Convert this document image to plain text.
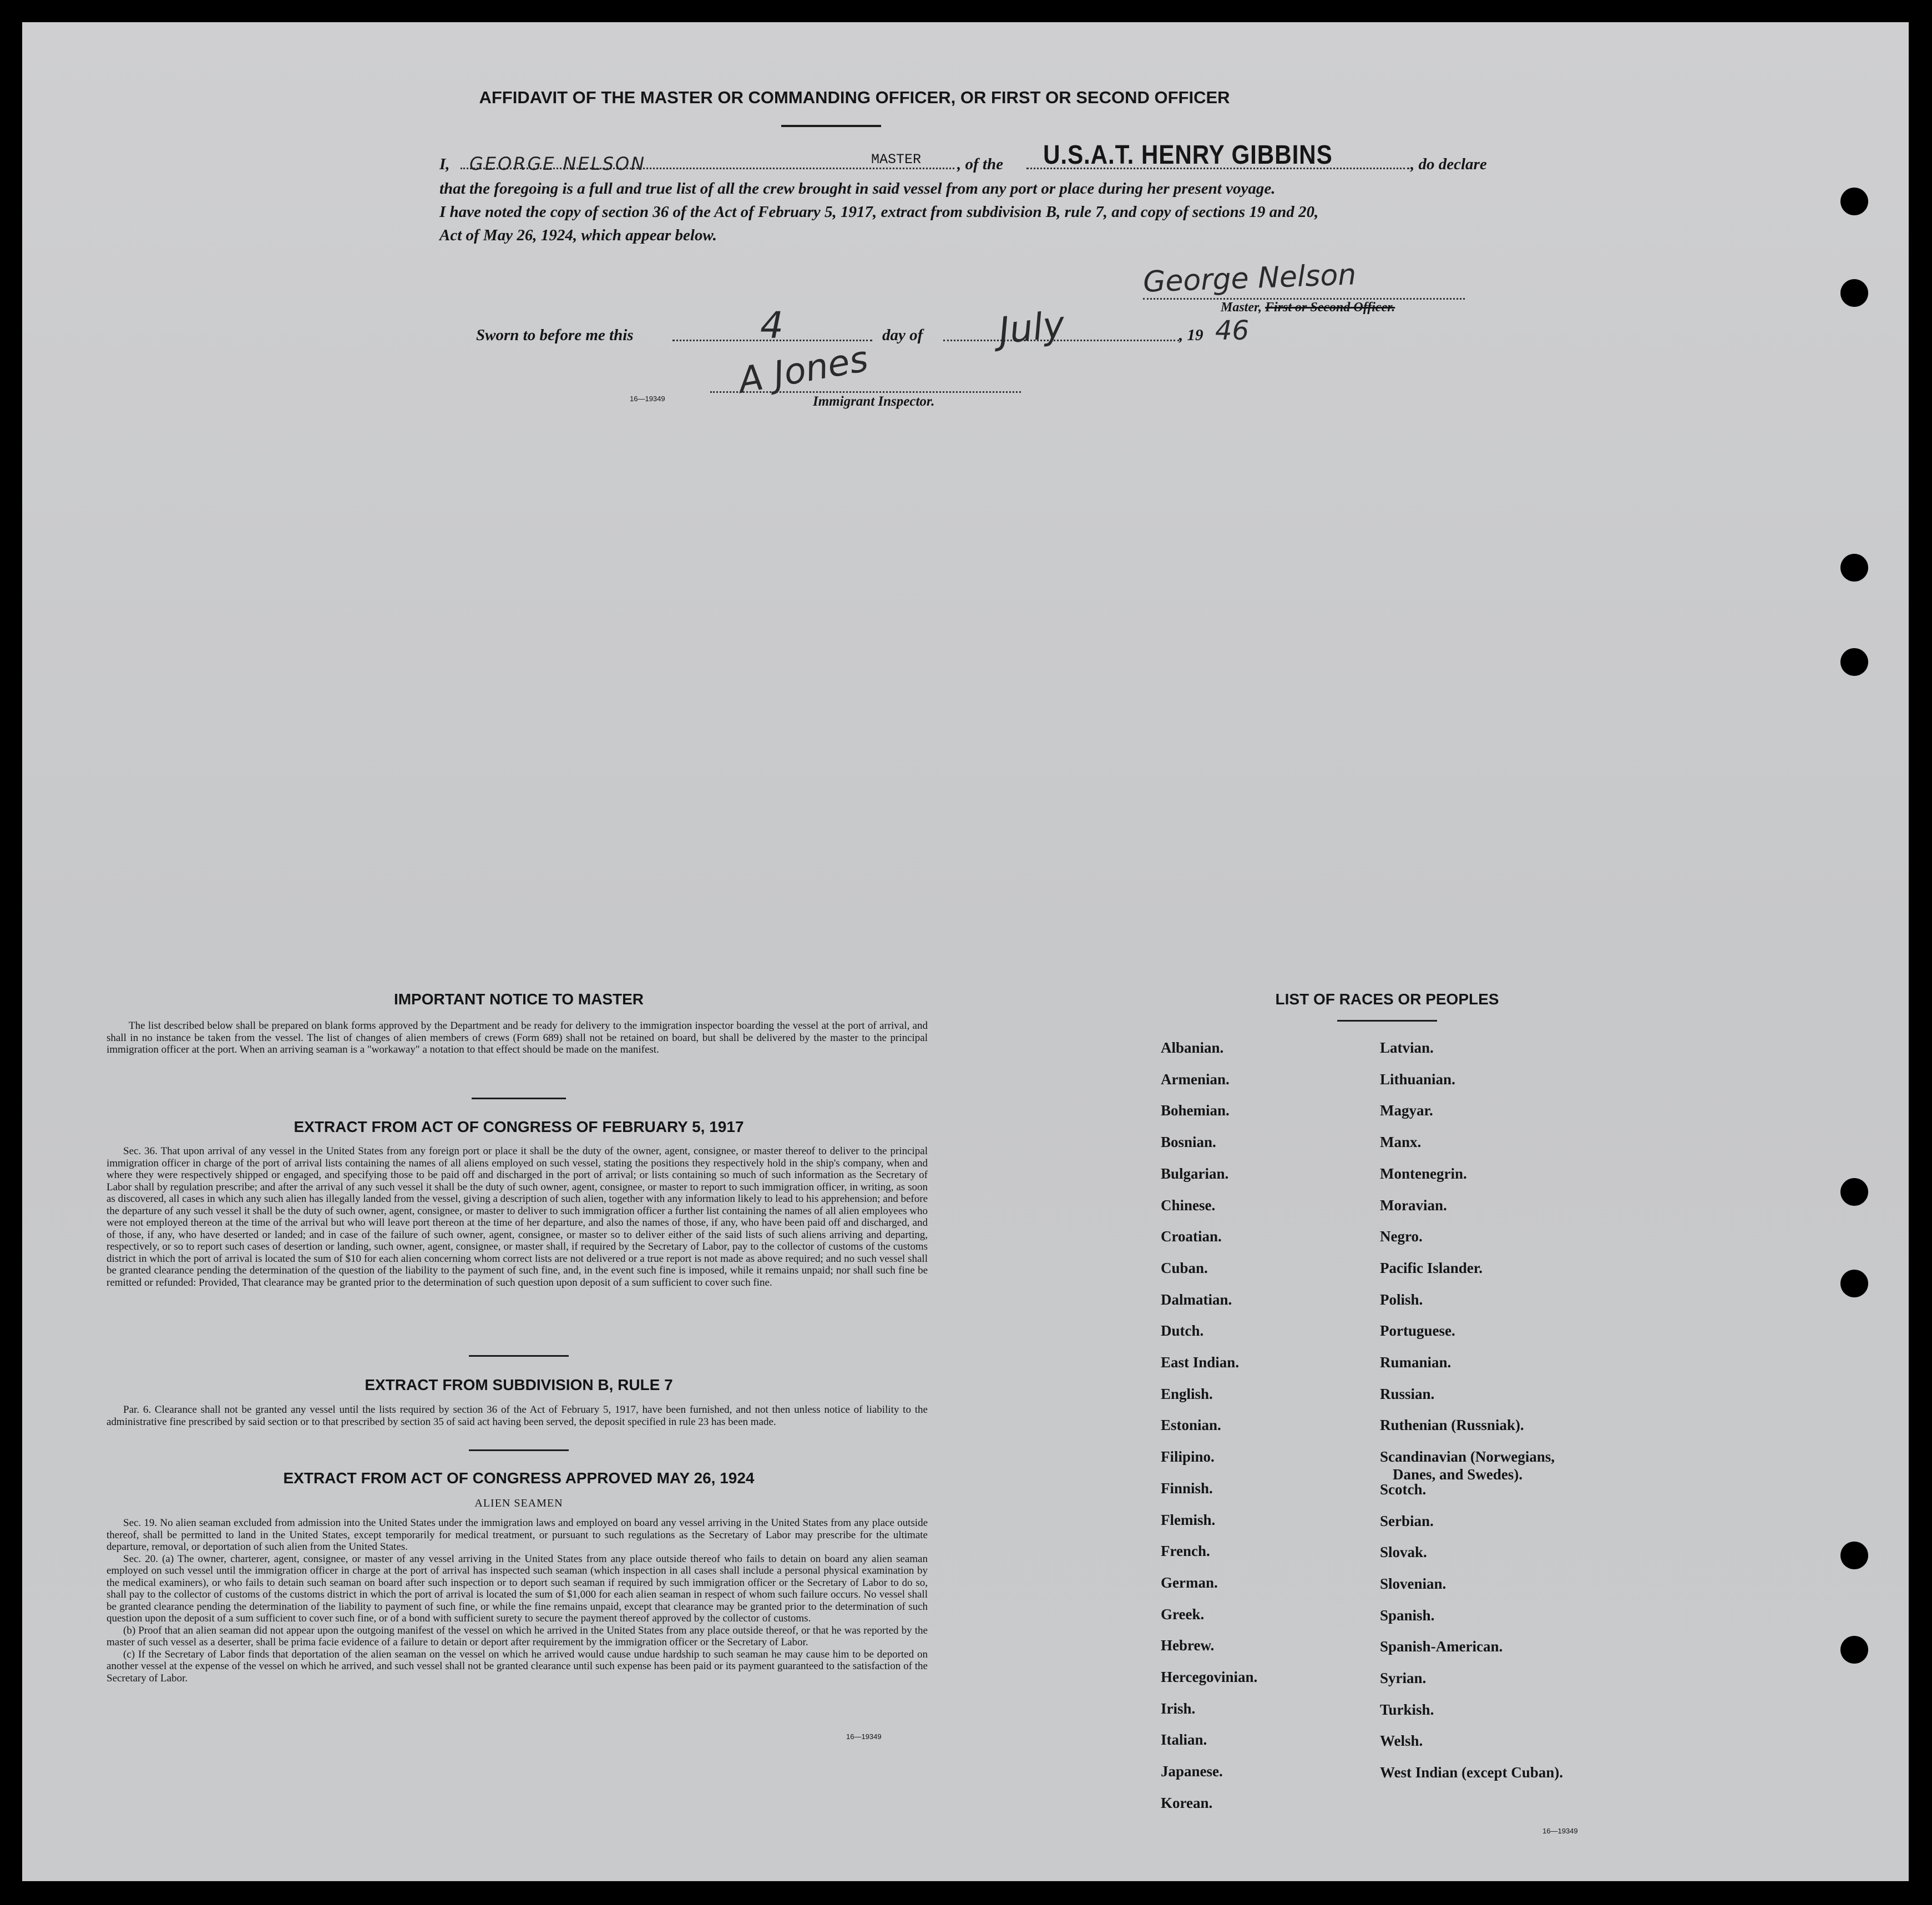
AFFIDAVIT OF THE MASTER OR COMMANDING OFFICER, OR FIRST OR SECOND OFFICER
I, GEORGE NELSON	MASTER , of the U.S.A.T. HENRY GIBBINS	, do declare
that the foregoing is a full and true list of all the crew brought in said vessel from any port or place during her present voyage.
I have noted the copy of section 36 of the Act of February 5, 1917, extract from subdivision B, rule 7, and copy of sections 19 and 20,
Act of May 26, 1924, which appear below.
George Nelson
Master, First or Second Officer.
Sworn to before me this	4	day of July	, 19 46
A Jones
16—19349	Immigrant Inspector.
IMPORTANT NOTICE TO MASTER

The list described below shall be prepared on blank forms approved by the Department and be ready for delivery to the immigration inspector boarding the vessel at the port of arrival, and shall in no instance be taken from the vessel. The list of changes of alien members of crews (Form 689) shall not be retained on board, but shall be delivered by the master to the principal immigration officer at the port. When an arriving seaman is a "workaway" a notation to that effect should be made on the manifest.

EXTRACT FROM ACT OF CONGRESS OF FEBRUARY 5, 1917

Sec. 36. That upon arrival of any vessel in the United States from any foreign port or place it shall be the duty of the owner, agent, consignee, or master thereof to deliver to the principal immigration officer in charge of the port of arrival lists containing the names of all aliens employed on such vessel, stating the positions they respectively hold in the ship's company, when and where they were respectively shipped or engaged, and specifying those to be paid off and discharged in the port of arrival; or lists containing so much of such information as the Secretary of Labor shall by regulation prescribe; and after the arrival of any such vessel it shall be the duty of such owner, agent, consignee, or master to report to such immigration officer, in writing, as soon as discovered, all cases in which any such alien has illegally landed from the vessel, giving a description of such alien, together with any information likely to lead to his apprehension; and before the departure of any such vessel it shall be the duty of such owner, agent, consignee, or master to deliver to such immigration officer a further list containing the names of all alien employees who were not employed thereon at the time of the arrival but who will leave port thereon at the time of her departure, and also the names of those, if any, who have been paid off and discharged, and of those, if any, who have deserted or landed; and in case of the failure of such owner, agent, consignee, or master so to deliver either of the said lists of such aliens arriving and departing, respectively, or so to report such cases of desertion or landing, such owner, agent, consignee, or master shall, if required by the Secretary of Labor, pay to the collector of customs of the customs district in which the port of arrival is located the sum of $10 for each alien concerning whom correct lists are not delivered or a true report is not made as above required; and no such vessel shall be granted clearance pending the determination of the question of the liability to the payment of such fine, and, in the event such fine is imposed, while it remains unpaid; nor shall such fine be remitted or refunded: Provided, That clearance may be granted prior to the determination of such question upon deposit of a sum sufficient to cover such fine.

EXTRACT FROM SUBDIVISION B, RULE 7

Par. 6. Clearance shall not be granted any vessel until the lists required by section 36 of the Act of February 5, 1917, have been furnished, and not then unless notice of liability to the administrative fine prescribed by said section or to that prescribed by section 35 of said act having been served, the deposit specified in rule 23 has been made.

EXTRACT FROM ACT OF CONGRESS APPROVED MAY 26, 1924
ALIEN SEAMEN

Sec. 19. No alien seaman excluded from admission into the United States under the immigration laws and employed on board any vessel arriving in the United States from any place outside thereof, shall be permitted to land in the United States, except temporarily for medical treatment, or pursuant to such regulations as the Secretary of Labor may prescribe for the ultimate departure, removal, or deportation of such alien from the United States.

Sec. 20. (a) The owner, charterer, agent, consignee, or master of any vessel arriving in the United States from any place outside thereof who fails to detain on board any alien seaman employed on such vessel until the immigration officer in charge at the port of arrival has inspected such seaman (which inspection in all cases shall include a personal physical examination by the medical examiners), or who fails to detain such seaman on board after such inspection or to deport such seaman if required by such immigration officer or the Secretary of Labor to do so, shall pay to the collector of customs of the customs district in which the port of arrival is located the sum of $1,000 for each alien seaman in respect of whom such failure occurs. No vessel shall be granted clearance pending the determination of the liability to payment of such fine, or while the fine remains unpaid, except that clearance may be granted prior to the determination of such question upon the deposit of a sum sufficient to cover such fine, or of a bond with sufficient surety to secure the payment thereof approved by the collector of customs.

(b) Proof that an alien seaman did not appear upon the outgoing manifest of the vessel on which he arrived in the United States from any place outside thereof, or that he was reported by the master of such vessel as a deserter, shall be prima facie evidence of a failure to detain or deport after requirement by the immigration officer or the Secretary of Labor.

(c) If the Secretary of Labor finds that deportation of the alien seaman on the vessel on which he arrived would cause undue hardship to such seaman he may cause him to be deported on another vessel at the expense of the vessel on which he arrived, and such vessel shall not be granted clearance until such expense has been paid or its payment guaranteed to the satisfaction of the Secretary of Labor.

16—19349
LIST OF RACES OR PEOPLES
16—19349
Albanian.
Armenian.
Bohemian.
Bosnian.
Bulgarian.
Chinese.
Croatian.
Cuban.
Dalmatian.
Dutch.
East Indian.
English.
Estonian.
Filipino.
Finnish.
Flemish.
French.
German.
Greek.
Hebrew.
Hercegovinian.
Irish.
Italian.
Japanese.
Korean.
Latvian.
Lithuanian.
Magyar.
Manx.
Montenegrin.
Moravian.
Negro.
Pacific Islander.
Polish.
Portuguese.
Rumanian.
Russian.
Ruthenian (Russniak).
Scandinavian (Norwegians,
Danes, and Swedes).
Scotch.
Serbian.
Slovak.
Slovenian.
Spanish.
Spanish-American.
Syrian.
Turkish.
Welsh.
West Indian (except Cuban).
